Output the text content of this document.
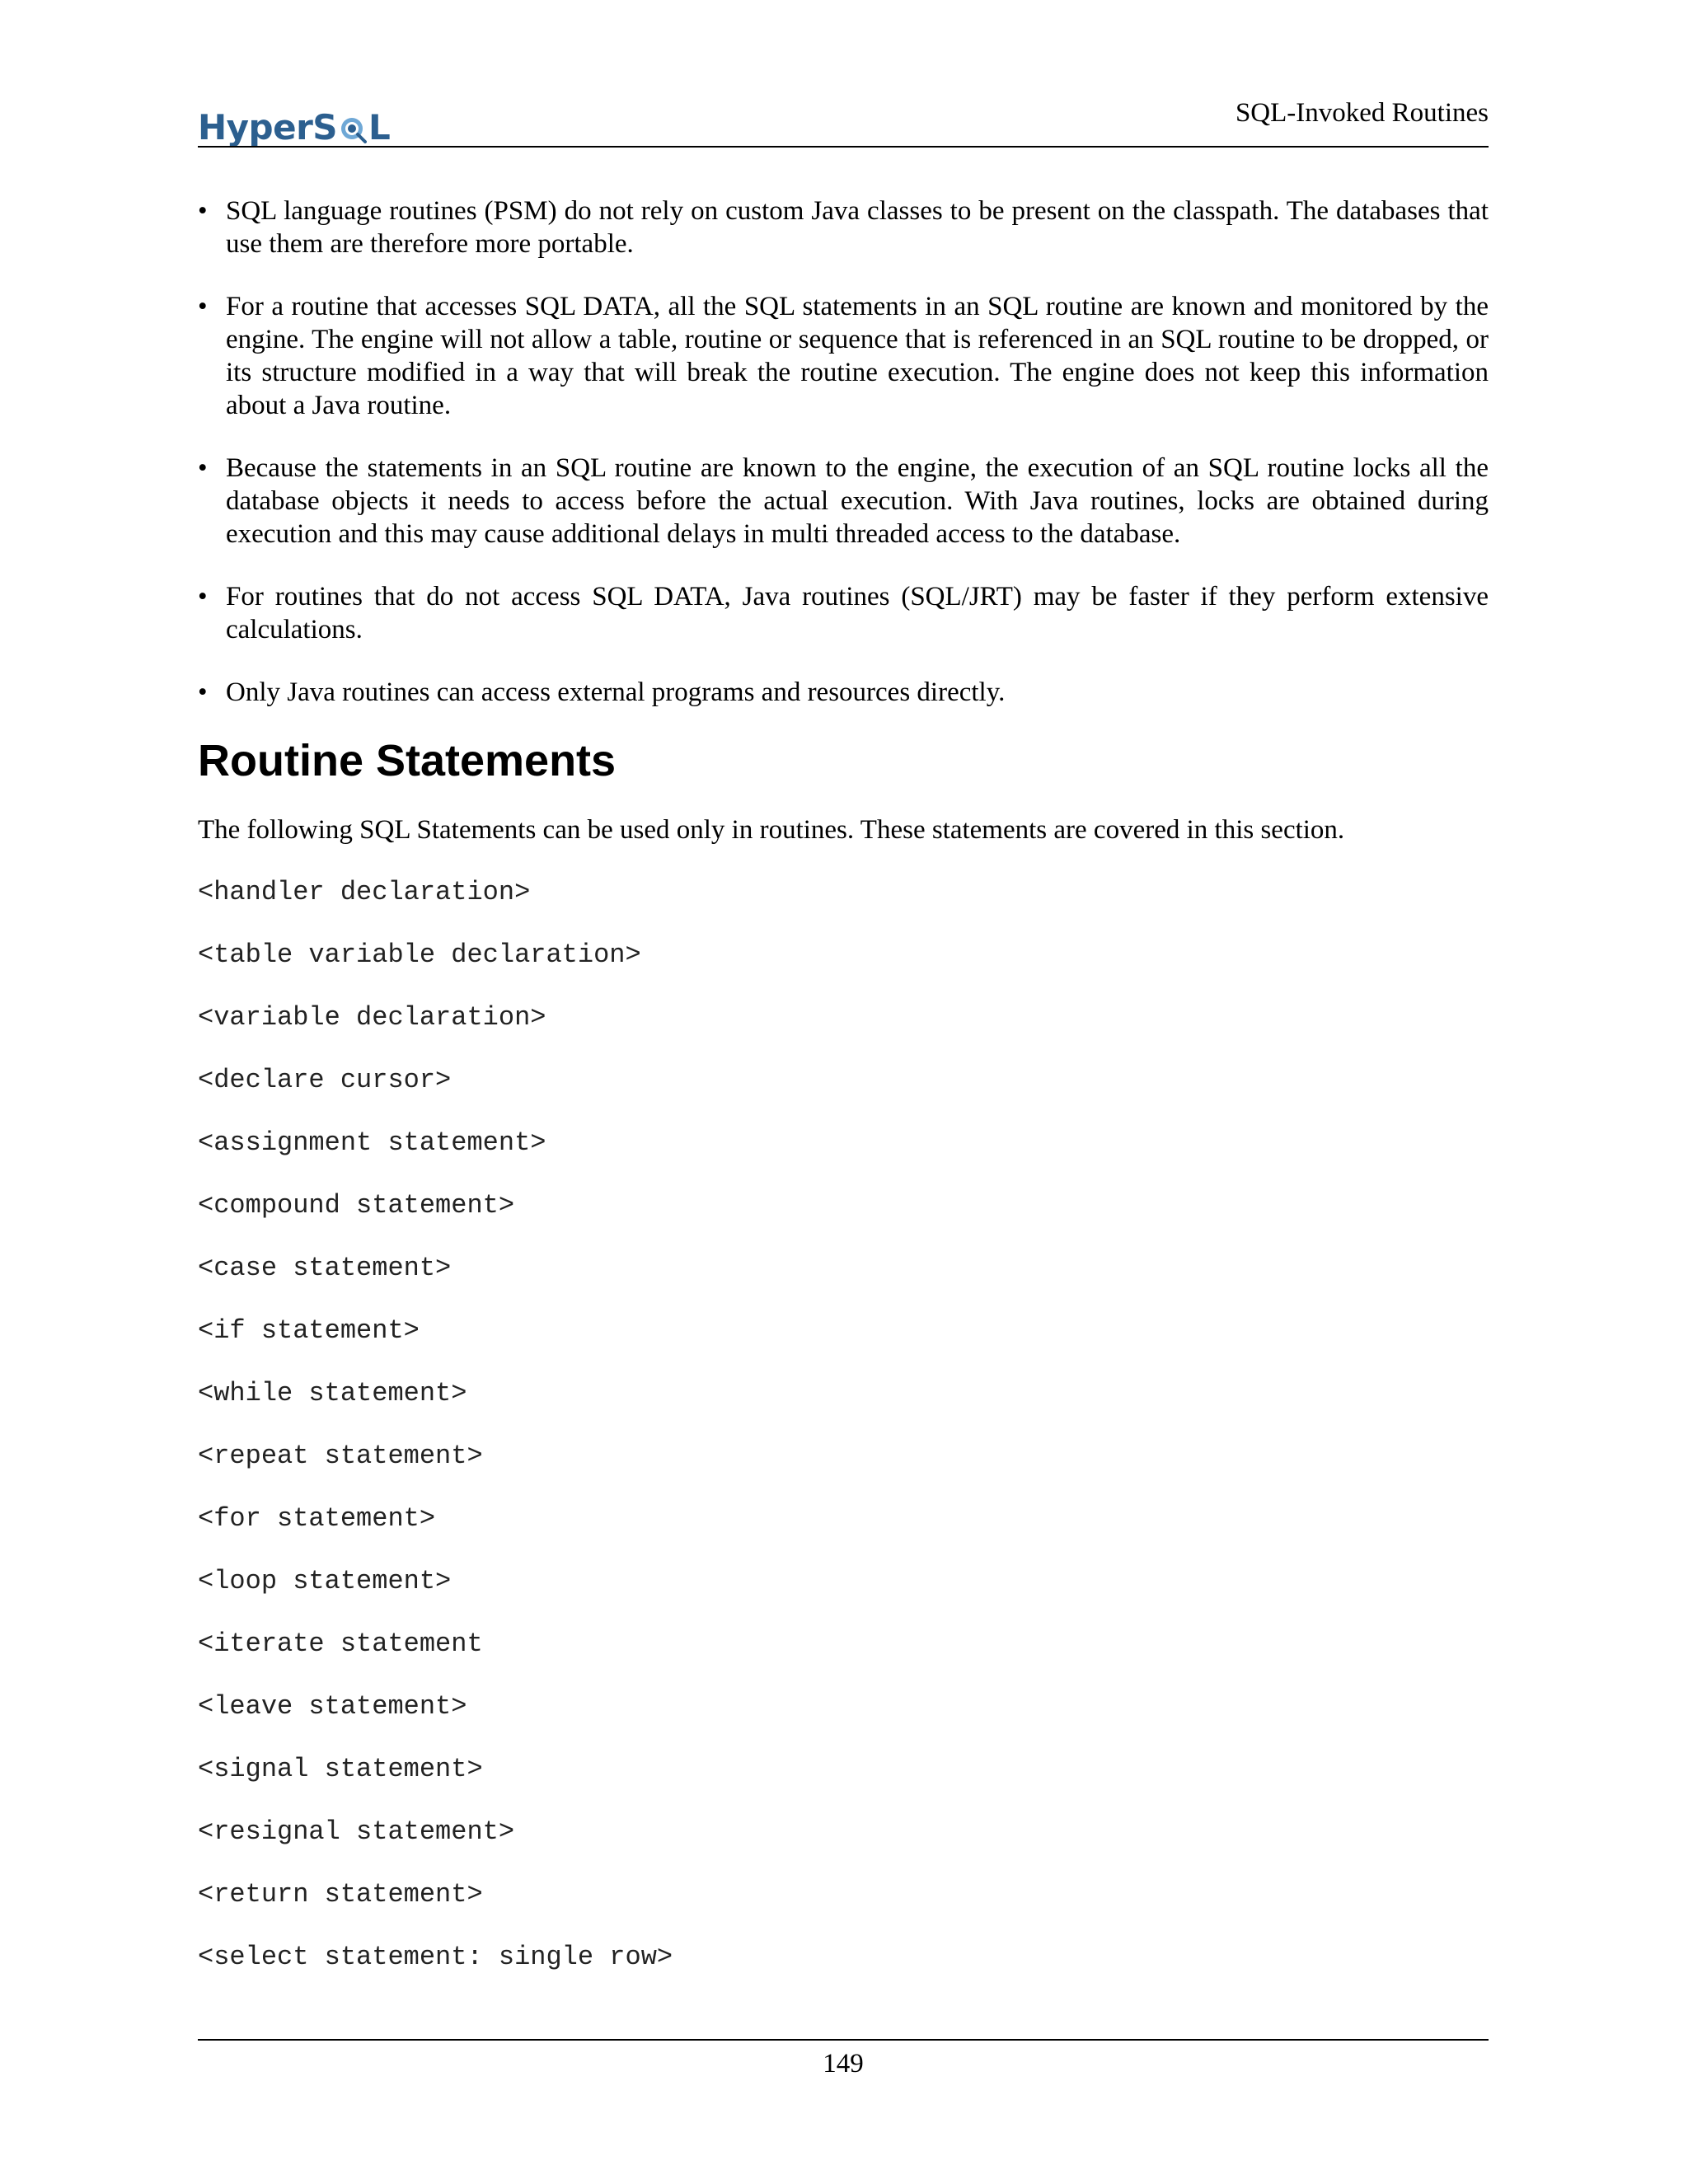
HyperS L	SQL-Invoked Routines
• SQL language routines (PSM) do not rely on custom Java classes to be present on the classpath. The databases that use them are therefore more portable.
• For a routine that accesses SQL DATA, all the SQL statements in an SQL routine are known and monitored by the engine. The engine will not allow a table, routine or sequence that is referenced in an SQL routine to be dropped, or its structure modified in a way that will break the routine execution. The engine does not keep this information about a Java routine.
• Because the statements in an SQL routine are known to the engine, the execution of an SQL routine locks all the database objects it needs to access before the actual execution. With Java routines, locks are obtained during execution and this may cause additional delays in multi threaded access to the database.
• For routines that do not access SQL DATA, Java routines (SQL/JRT) may be faster if they perform extensive calculations.
• Only Java routines can access external programs and resources directly.
Routine Statements

The following SQL Statements can be used only in routines. These statements are covered in this section.

<handler declaration>
<table variable declaration>
<variable declaration>
<declare cursor>
<assignment statement>
<compound statement>
<case statement>
<if statement>
<while statement>
<repeat statement>
<for statement>
<loop statement>
<iterate statement
<leave statement>
<signal statement>
<resignal statement>
<return statement>
<select statement: single row>
149
